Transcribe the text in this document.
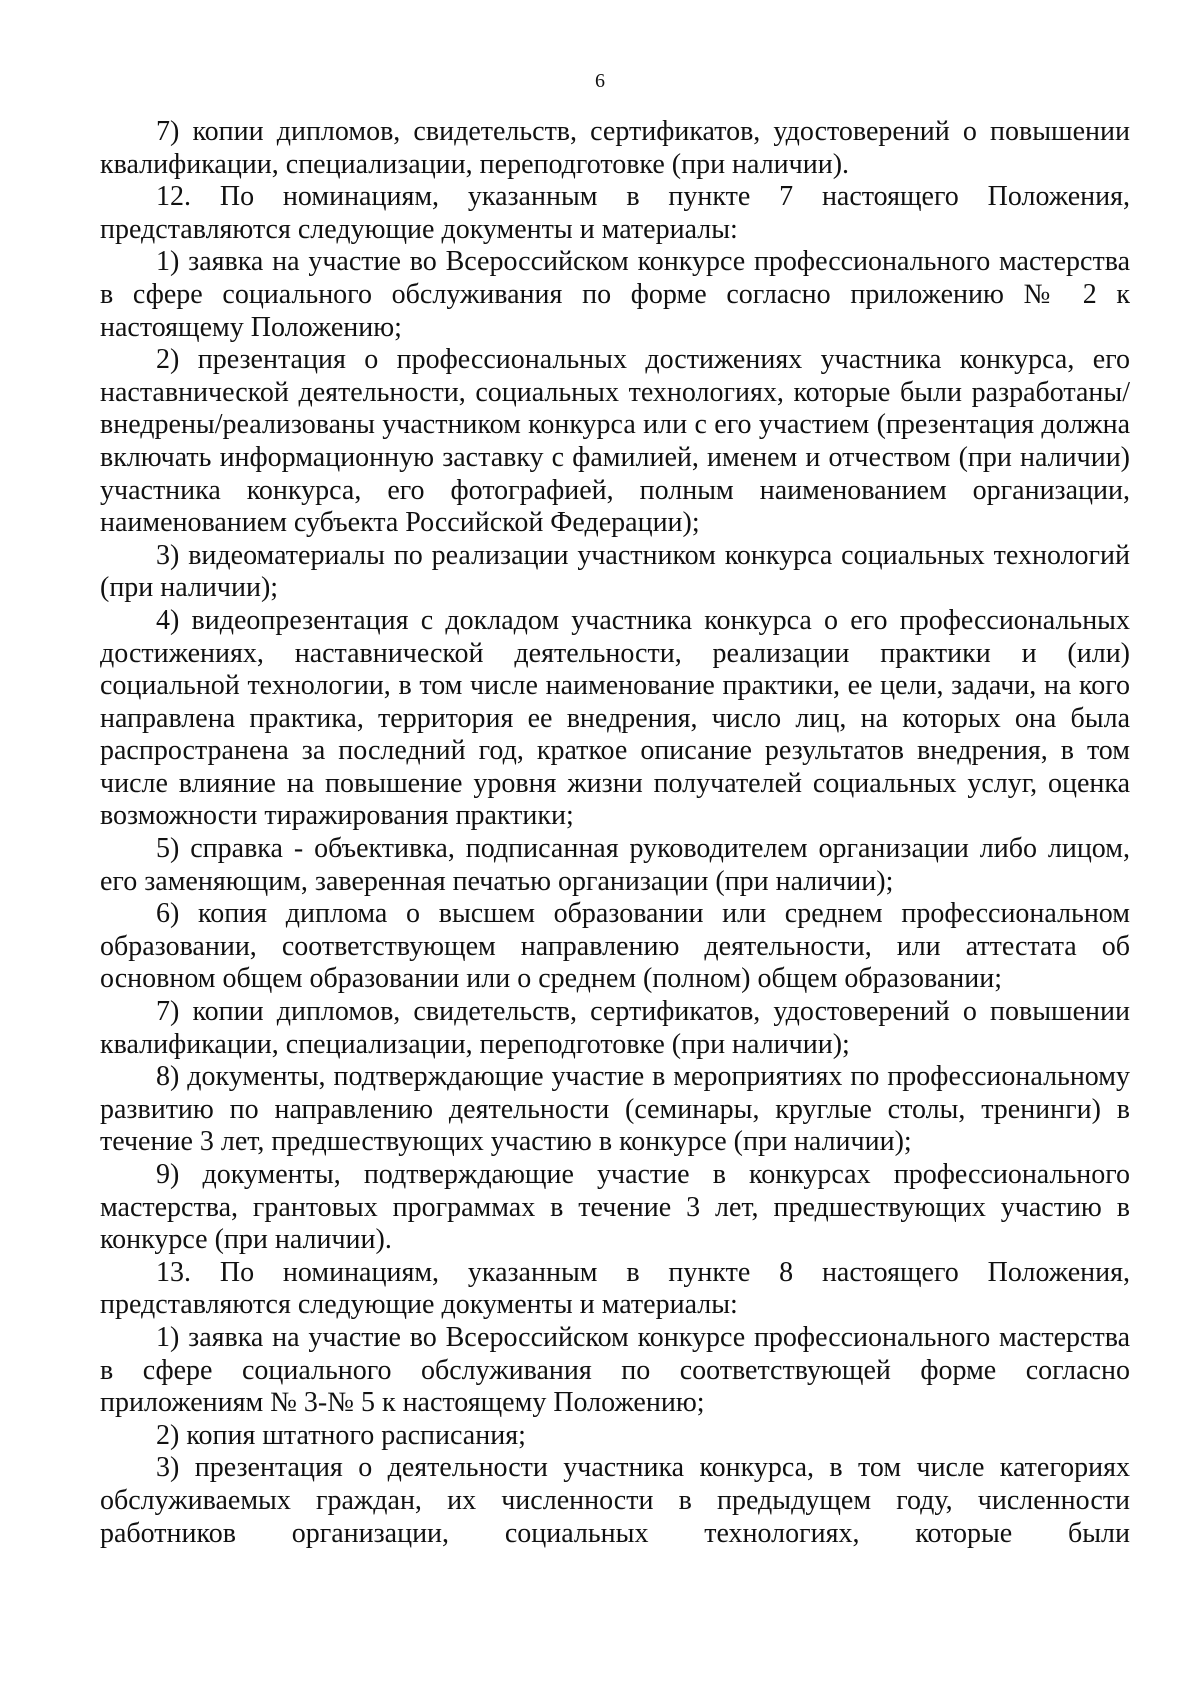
6

7) копии дипломов, свидетельств, сертификатов, удостоверений о повышении квалификации, специализации, переподготовке (при наличии).

12. По номинациям, указанным в пункте 7 настоящего Положения, представляются следующие документы и материалы:

1) заявка на участие во Всероссийском конкурсе профессионального мастерства в сфере социального обслуживания по форме согласно приложению № 2 к настоящему Положению;

2) презентация о профессиональных достижениях участника конкурса, его наставнической деятельности, социальных технологиях, которые были разработаны/внедрены/реализованы участником конкурса или с его участием (презентация должна включать информационную заставку с фамилией, именем и отчеством (при наличии) участника конкурса, его фотографией, полным наименованием организации, наименованием субъекта Российской Федерации);

3) видеоматериалы по реализации участником конкурса социальных технологий (при наличии);

4) видеопрезентация с докладом участника конкурса о его профессиональных достижениях, наставнической деятельности, реализации практики и (или) социальной технологии, в том числе наименование практики, ее цели, задачи, на кого направлена практика, территория ее внедрения, число лиц, на которых она была распространена за последний год, краткое описание результатов внедрения, в том числе влияние на повышение уровня жизни получателей социальных услуг, оценка возможности тиражирования практики;

5) справка - объективка, подписанная руководителем организации либо лицом, его заменяющим, заверенная печатью организации (при наличии);

6) копия диплома о высшем образовании или среднем профессиональном образовании, соответствующем направлению деятельности, или аттестата об основном общем образовании или о среднем (полном) общем образовании;

7) копии дипломов, свидетельств, сертификатов, удостоверений о повышении квалификации, специализации, переподготовке (при наличии);

8) документы, подтверждающие участие в мероприятиях по профессиональному развитию по направлению деятельности (семинары, круглые столы, тренинги) в течение 3 лет, предшествующих участию в конкурсе (при наличии);

9) документы, подтверждающие участие в конкурсах профессионального мастерства, грантовых программах в течение 3 лет, предшествующих участию в конкурсе (при наличии).

13. По номинациям, указанным в пункте 8 настоящего Положения, представляются следующие документы и материалы:

1) заявка на участие во Всероссийском конкурсе профессионального мастерства в сфере социального обслуживания по соответствующей форме согласно приложениям № 3-№ 5 к настоящему Положению;

2) копия штатного расписания;

3) презентация о деятельности участника конкурса, в том числе категориях обслуживаемых граждан, их численности в предыдущем году, численности работников организации, социальных технологиях, которые были
